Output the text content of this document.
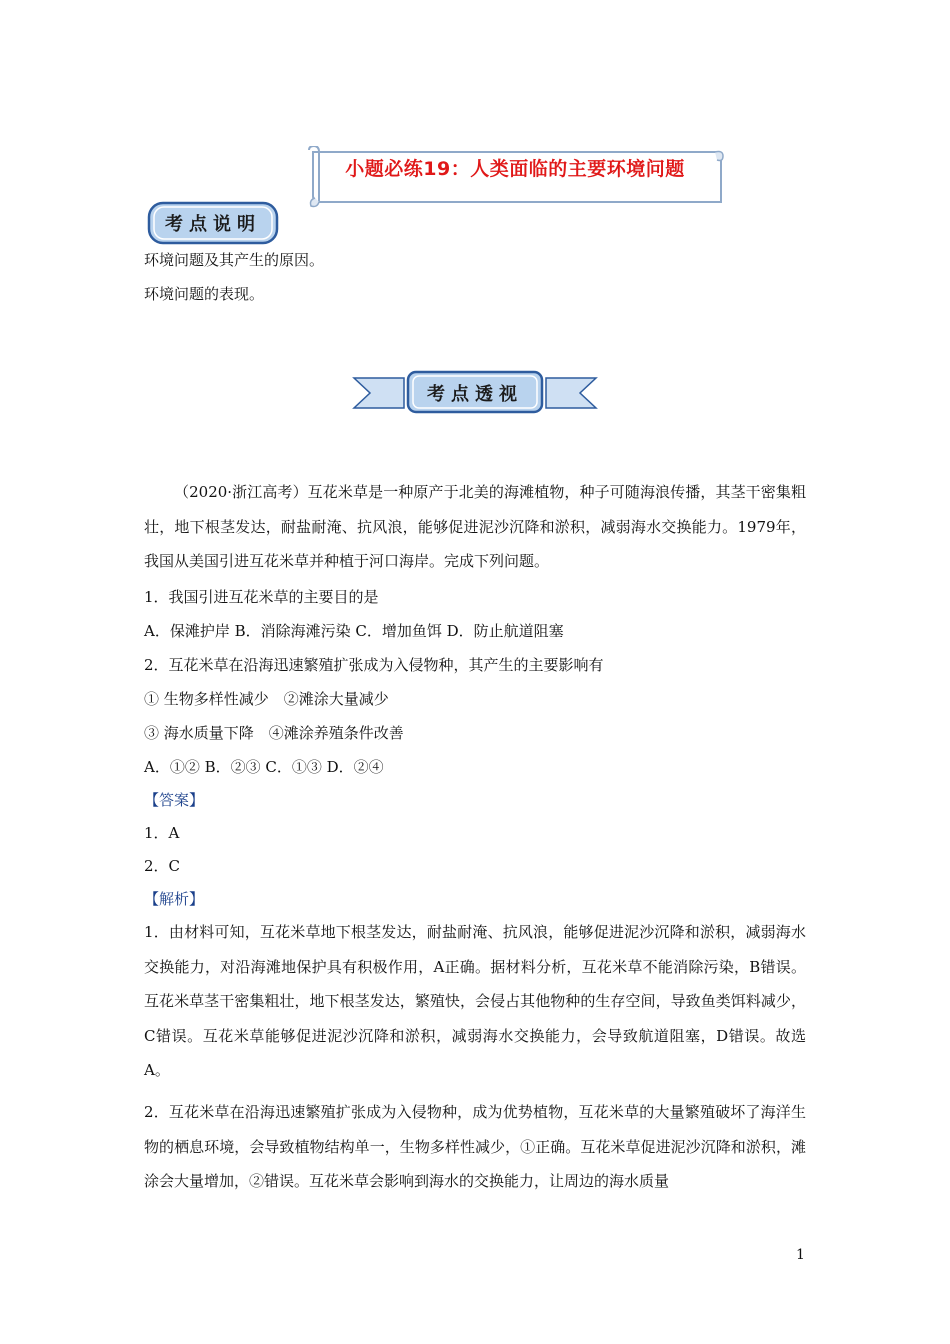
小题必练19：人类面临的主要环境问题
考点说明
环境问题及其产生的原因。
环境问题的表现。
考点透视
（2020·浙江高考）互花米草是一种原产于北美的海滩植物，种子可随海浪传播，其茎干密集粗壮，地下根茎发达，耐盐耐淹、抗风浪，能够促进泥沙沉降和淤积，减弱海水交换能力。1979年，我国从美国引进互花米草并种植于河口海岸。完成下列问题。
1．我国引进互花米草的主要目的是
A．保滩护岸 B．消除海滩污染 C．增加鱼饵 D．防止航道阻塞
2．互花米草在沿海迅速繁殖扩张成为入侵物种，其产生的主要影响有
① 生物多样性减少　②滩涂大量减少
③ 海水质量下降　④滩涂养殖条件改善
A．①② B．②③ C．①③ D．②④
【答案】
1．A
2．C
【解析】
1．由材料可知，互花米草地下根茎发达，耐盐耐淹、抗风浪，能够促进泥沙沉降和淤积，减弱海水交换能力，对沿海滩地保护具有积极作用，A正确。据材料分析，互花米草不能消除污染，B错误。互花米草茎干密集粗壮，地下根茎发达，繁殖快，会侵占其他物种的生存空间，导致鱼类饵料减少，C错误。互花米草能够促进泥沙沉降和淤积，减弱海水交换能力，会导致航道阻塞，D错误。故选A。
2．互花米草在沿海迅速繁殖扩张成为入侵物种，成为优势植物，互花米草的大量繁殖破坏了海洋生物的栖息环境，会导致植物结构单一，生物多样性减少，①正确。互花米草促进泥沙沉降和淤积，滩涂会大量增加，②错误。互花米草会影响到海水的交换能力，让周边的海水质量
1
